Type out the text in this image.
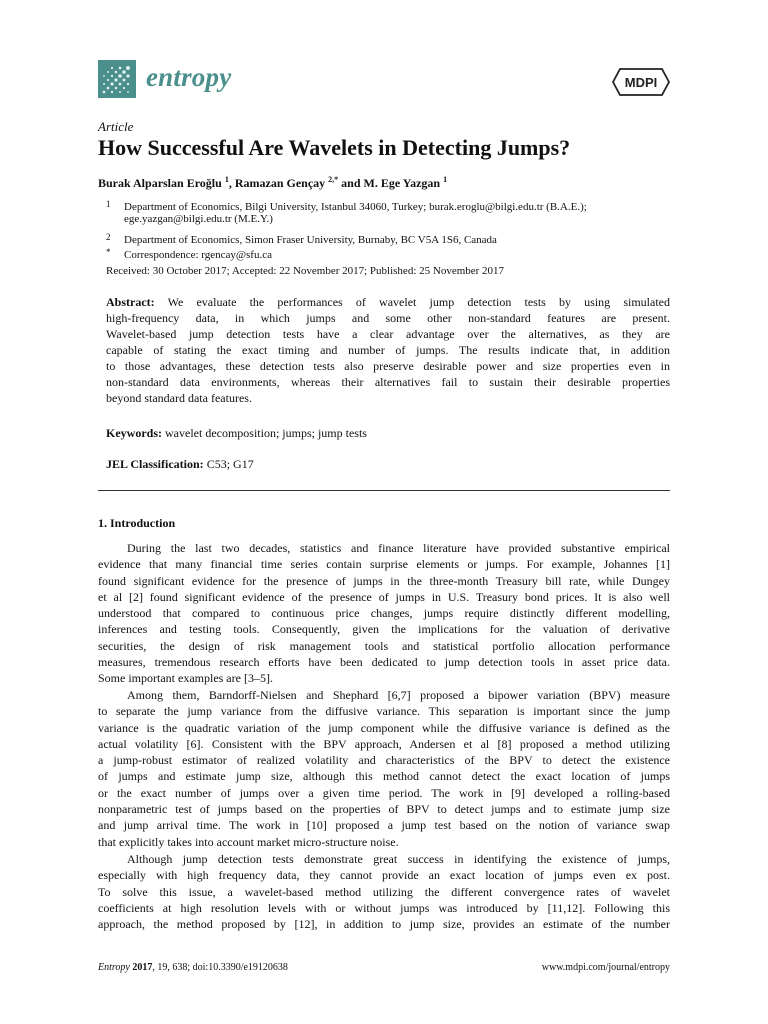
entropy	MDPI
Article
How Successful Are Wavelets in Detecting Jumps?
Burak Alparslan Eroğlu $^1$, Ramazan Gençay $^{2,*}$ and M. Ege Yazgan $^1$
1 Department of Economics, Bilgi University, Istanbul 34060, Turkey; burak.eroglu@bilgi.edu.tr (B.A.E.);
ege.yazgan@bilgi.edu.tr (M.E.Y.)
2 Department of Economics, Simon Fraser University, Burnaby, BC V5A 1S6, Canada
* Correspondence: rgencay@sfu.ca
Received: 30 October 2017; Accepted: 22 November 2017; Published: 25 November 2017
Abstract: We evaluate the performances of wavelet jump detection tests by using simulated
high-frequency data, in which jumps and some other non-standard features are present.
Wavelet-based jump detection tests have a clear advantage over the alternatives, as they are
capable of stating the exact timing and number of jumps. The results indicate that, in addition
to those advantages, these detection tests also preserve desirable power and size properties even in
non-standard data environments, whereas their alternatives fail to sustain their desirable properties
beyond standard data features.
Keywords: wavelet decomposition; jumps; jump tests
JEL Classification: C53; G17
1. Introduction
During the last two decades, statistics and finance literature have provided substantive empirical
evidence that many financial time series contain surprise elements or jumps. For example, Johannes [1]
found significant evidence for the presence of jumps in the three-month Treasury bill rate, while Dungey
et al [2] found significant evidence of the presence of jumps in U.S. Treasury bond prices. It is also well
understood that compared to continuous price changes, jumps require distinctly different modelling,
inferences and testing tools. Consequently, given the implications for the valuation of derivative
securities, the design of risk management tools and statistical portfolio allocation performance
measures, tremendous research efforts have been dedicated to jump detection tools in asset price data.
Some important examples are [3–5].
Among them, Barndorff-Nielsen and Shephard [6,7] proposed a bipower variation (BPV) measure
to separate the jump variance from the diffusive variance. This separation is important since the jump
variance is the quadratic variation of the jump component while the diffusive variance is defined as the
actual volatility [6]. Consistent with the BPV approach, Andersen et al [8] proposed a method utilizing
a jump-robust estimator of realized volatility and characteristics of the BPV to detect the existence
of jumps and estimate jump size, although this method cannot detect the exact location of jumps
or the exact number of jumps over a given time period. The work in [9] developed a rolling-based
nonparametric test of jumps based on the properties of BPV to detect jumps and to estimate jump size
and jump arrival time. The work in [10] proposed a jump test based on the notion of variance swap
that explicitly takes into account market micro-structure noise.
Although jump detection tests demonstrate great success in identifying the existence of jumps,
especially with high frequency data, they cannot provide an exact location of jumps even ex post.
To solve this issue, a wavelet-based method utilizing the different convergence rates of wavelet
coefficients at high resolution levels with or without jumps was introduced by [11,12]. Following this
approach, the method proposed by [12], in addition to jump size, provides an estimate of the number
Entropy 2017, 19, 638; doi:10.3390/e19120638	www.mdpi.com/journal/entropy
